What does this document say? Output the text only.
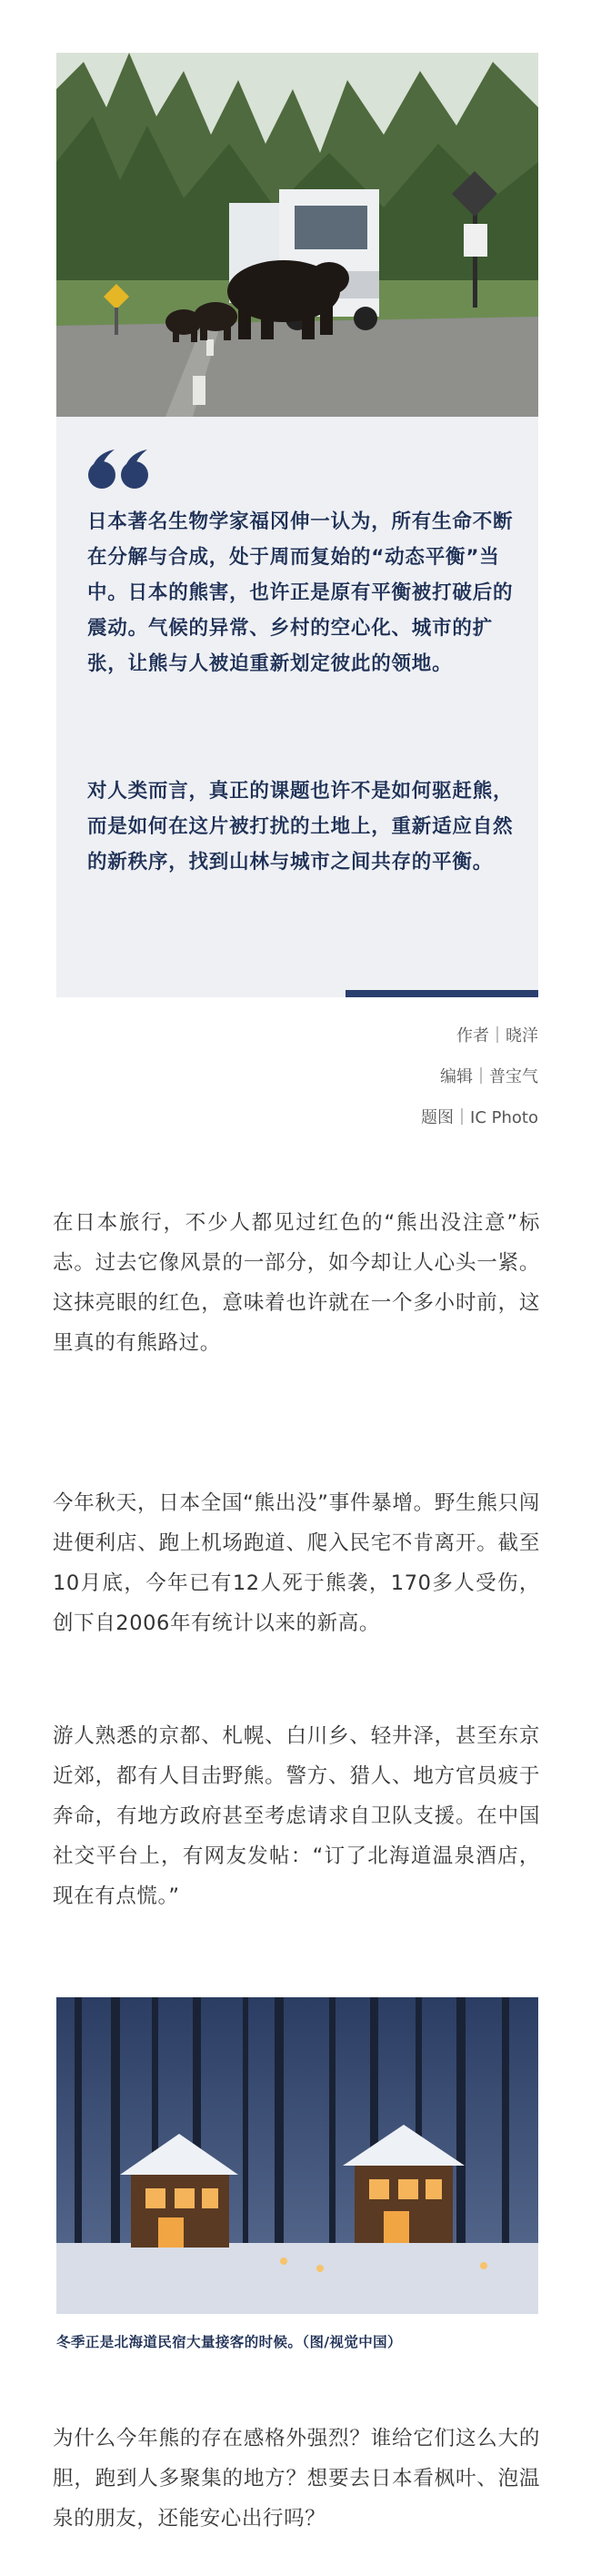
日本著名生物学家福冈伸一认为，所有生命不断在分解与合成，处于周而复始的“动态平衡”当中。日本的熊害，也许正是原有平衡被打破后的震动。气候的异常、乡村的空心化、城市的扩张，让熊与人被迫重新划定彼此的领地。

对人类而言，真正的课题也许不是如何驱赶熊，而是如何在这片被打扰的土地上，重新适应自然的新秩序，找到山林与城市之间共存的平衡。

作者｜晓洋
编辑｜普宝气
题图｜IC Photo

在日本旅行，不少人都见过红色的“熊出没注意”标志。过去它像风景的一部分，如今却让人心头一紧。这抹亮眼的红色，意味着也许就在一个多小时前，这里真的有熊路过。

今年秋天，日本全国“熊出没”事件暴增。野生熊只闯进便利店、跑上机场跑道、爬入民宅不肯离开。截至10月底，今年已有12人死于熊袭，170多人受伤，创下自2006年有统计以来的新高。

游人熟悉的京都、札幌、白川乡、轻井泽，甚至东京近郊，都有人目击野熊。警方、猎人、地方官员疲于奔命，有地方政府甚至考虑请求自卫队支援。在中国社交平台上，有网友发帖：“订了北海道温泉酒店，现在有点慌。”

冬季正是北海道民宿大量接客的时候。（图/视觉中国）

为什么今年熊的存在感格外强烈？谁给它们这么大的胆，跑到人多聚集的地方？想要去日本看枫叶、泡温泉的朋友，还能安心出行吗？
